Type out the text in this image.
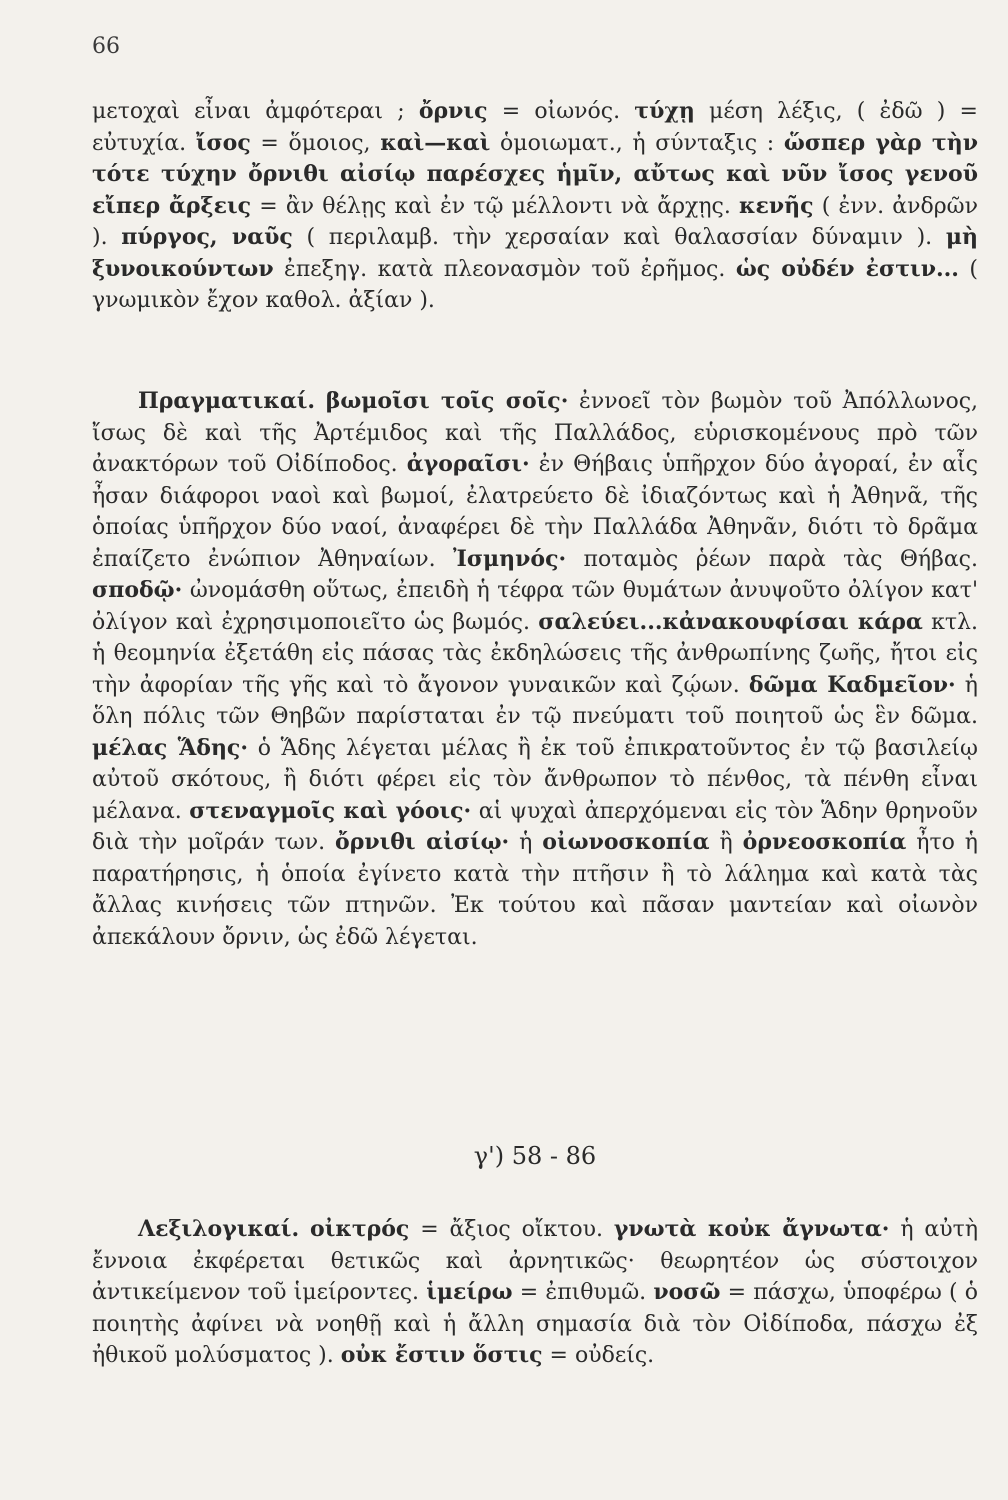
66
μετοχαὶ εἶναι ἀμφότεραι ; ὄρνις = οἰωνός. τύχῃ μέση λέξις, ( ἐδῶ ) = εὐτυχία. ἴσος = ὅμοιος, καὶ—καὶ ὁμοιωματ., ἡ σύνταξις : ὥσπερ γὰρ τὴν τότε τύχην ὄρνιθι αἰσίῳ παρέσχες ἡμῖν, αὔτως καὶ νῦν ἴσος γενοῦ εἴπερ ἄρξεις = ἂν θέλῃς καὶ ἐν τῷ μέλλοντι νὰ ἄρχῃς. κενῆς ( ἐνν. ἀνδρῶν ). πύργος, ναῦς ( περιλαμβ. τὴν χερσαίαν καὶ θαλασσίαν δύναμιν ). μὴ ξυνοικούντων ἐπεξηγ. κατὰ πλεονασμὸν τοῦ ἐρῆμος. ὡς οὐδέν ἐστιν... ( γνωμικὸν ἔχον καθολ. ἀξίαν ).
Πραγματικαί. βωμοῖσι τοῖς σοῖς· ἐννοεῖ τὸν βωμὸν τοῦ Ἀπόλλωνος, ἴσως δὲ καὶ τῆς Ἀρτέμιδος καὶ τῆς Παλλάδος, εὑρισκομένους πρὸ τῶν ἀνακτόρων τοῦ Οἰδίποδος. ἀγοραῖσι· ἐν Θήβαις ὑπῆρχον δύο ἀγοραί, ἐν αἷς ἦσαν διάφοροι ναοὶ καὶ βωμοί, ἐλατρεύετο δὲ ἰδιαζόντως καὶ ἡ Ἀθηνᾶ, τῆς ὁποίας ὑπῆρχον δύο ναοί, ἀναφέρει δὲ τὴν Παλλάδα Ἀθηνᾶν, διότι τὸ δρᾶμα ἐπαίζετο ἐνώπιον Ἀθηναίων. Ἰσμηνός· ποταμὸς ῥέων παρὰ τὰς Θήβας. σποδῷ· ὠνομάσθη οὕτως, ἐπειδὴ ἡ τέφρα τῶν θυμάτων ἀνυψοῦτο ὀλίγον κατ' ὀλίγον καὶ ἐχρησιμοποιεῖτο ὡς βωμός. σαλεύει...κἀνακουφίσαι κάρα κτλ. ἡ θεομηνία ἐξετάθη εἰς πάσας τὰς ἐκδηλώσεις τῆς ἀνθρωπίνης ζωῆς, ἤτοι εἰς τὴν ἀφορίαν τῆς γῆς καὶ τὸ ἄγονον γυναικῶν καὶ ζῴων. δῶμα Καδμεῖον· ἡ ὅλη πόλις τῶν Θηβῶν παρίσταται ἐν τῷ πνεύματι τοῦ ποιητοῦ ὡς ἓν δῶμα. μέλας Ἅδης· ὁ Ἅδης λέγεται μέλας ἢ ἐκ τοῦ ἐπικρατοῦντος ἐν τῷ βασιλείῳ αὐτοῦ σκότους, ἢ διότι φέρει εἰς τὸν ἄνθρωπον τὸ πένθος, τὰ πένθη εἶναι μέλανα. στεναγμοῖς καὶ γόοις· αἱ ψυχαὶ ἀπερχόμεναι εἰς τὸν Ἅδην θρηνοῦν διὰ τὴν μοῖράν των. ὄρνιθι αἰσίῳ· ἡ οἰωνοσκοπία ἢ ὀρνεοσκοπία ἦτο ἡ παρατήρησις, ἡ ὁποία ἐγίνετο κατὰ τὴν πτῆσιν ἢ τὸ λάλημα καὶ κατὰ τὰς ἄλλας κινήσεις τῶν πτηνῶν. Ἐκ τούτου καὶ πᾶσαν μαντείαν καὶ οἰωνὸν ἀπεκάλουν ὄρνιν, ὡς ἐδῶ λέγεται.
γ') 58 - 86
Λεξιλογικαί. οἰκτρός = ἄξιος οἴκτου. γνωτὰ κοὐκ ἄγνωτα· ἡ αὐτὴ ἔννοια ἐκφέρεται θετικῶς καὶ ἀρνητικῶς· θεωρητέον ὡς σύστοιχον ἀντικείμενον τοῦ ἱμείροντες. ἱμείρω = ἐπιθυμῶ. νοσῶ = πάσχω, ὑποφέρω ( ὁ ποιητὴς ἀφίνει νὰ νοηθῇ καὶ ἡ ἄλλη σημασία διὰ τὸν Οἰδίποδα, πάσχω ἐξ ἠθικοῦ μολύσματος ). οὐκ ἔστιν ὅστις = οὐδείς.
